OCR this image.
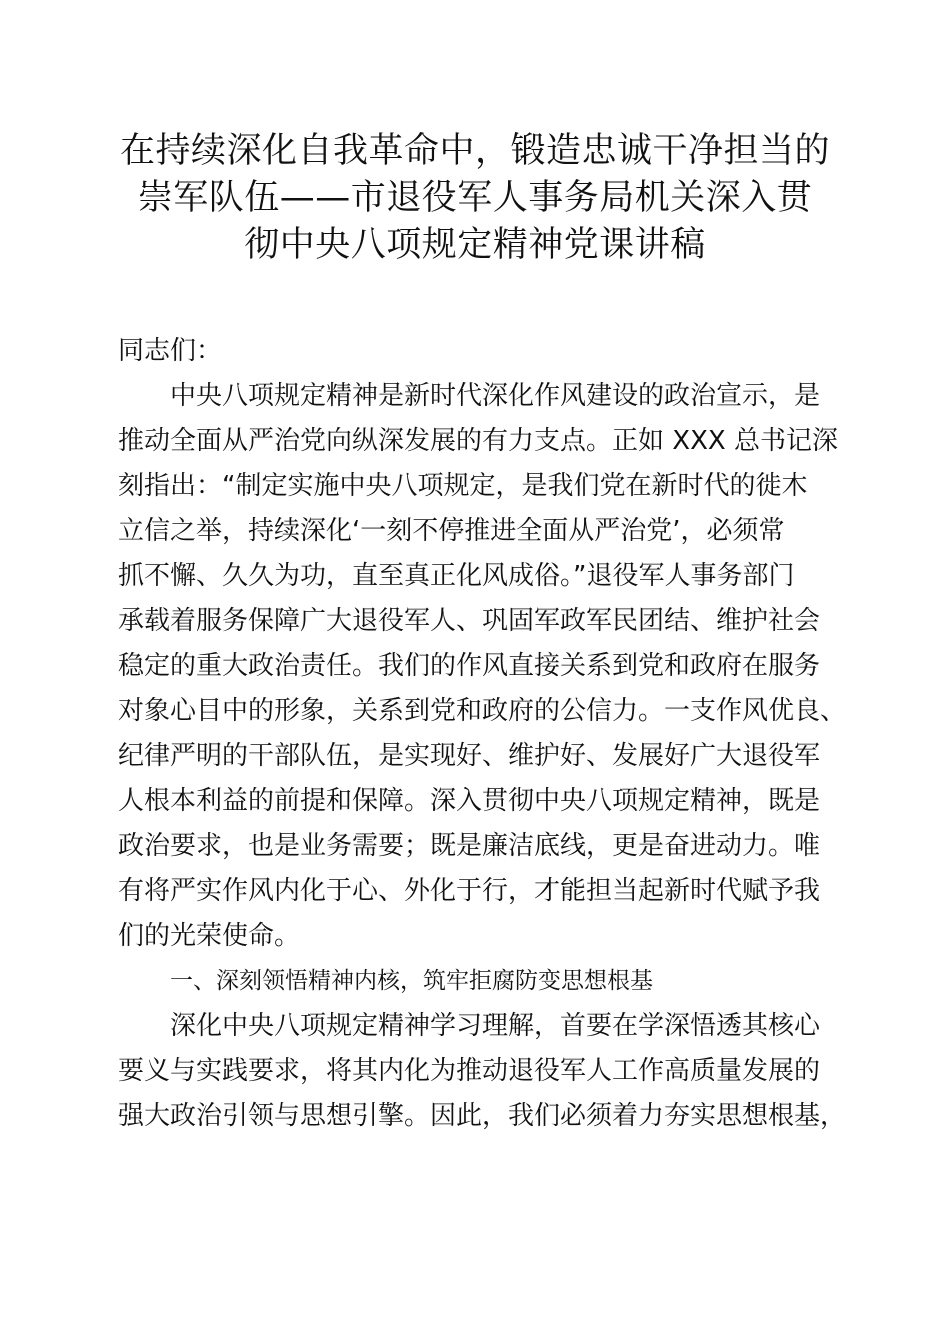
在持续深化自我革命中，锻造忠诚干净担当的
崇军队伍——市退役军人事务局机关深入贯
彻中央八项规定精神党课讲稿

同志们：

中央八项规定精神是新时代深化作风建设的政治宣示，是
推动全面从严治党向纵深发展的有力支点。正如 XXX 总书记深
刻指出：“制定实施中央八项规定，是我们党在新时代的徙木
立信之举，持续深化‘一刻不停推进全面从严治党’，必须常
抓不懈、久久为功，直至真正化风成俗。”退役军人事务部门
承载着服务保障广大退役军人、巩固军政军民团结、维护社会
稳定的重大政治责任。我们的作风直接关系到党和政府在服务
对象心目中的形象，关系到党和政府的公信力。一支作风优良、
纪律严明的干部队伍，是实现好、维护好、发展好广大退役军
人根本利益的前提和保障。深入贯彻中央八项规定精神，既是
政治要求，也是业务需要；既是廉洁底线，更是奋进动力。唯
有将严实作风内化于心、外化于行，才能担当起新时代赋予我
们的光荣使命。

一、深刻领悟精神内核，筑牢拒腐防变思想根基

深化中央八项规定精神学习理解，首要在学深悟透其核心
要义与实践要求，将其内化为推动退役军人工作高质量发展的
强大政治引领与思想引擎。因此，我们必须着力夯实思想根基，
